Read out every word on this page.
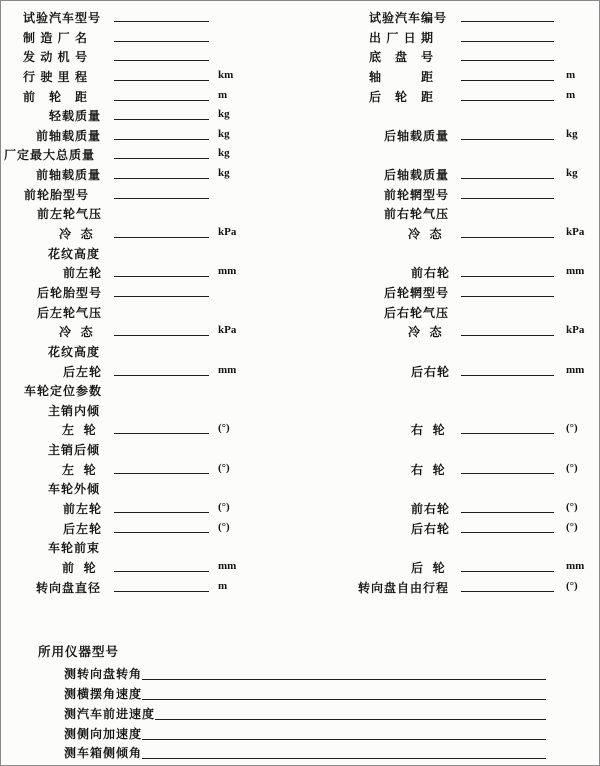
试验汽车型号	试验汽车编号
制 造 厂 名	出 厂 日 期
发 动 机 号	底　盘　号
行 驶 里 程	km	轴　　　距	m
前　轮　距	m	后　轮　距	m
轻载质量	kg
前轴载质量	kg	后轴载质量	kg
厂定最大总质量	kg
前轴载质量	kg	后轴载质量	kg
前轮胎型号	前轮辋型号
前左轮气压	前右轮气压
冷  态	kPa	冷  态	kPa
花纹高度
前左轮	mm	前右轮	mm
后轮胎型号	后轮辋型号
后左轮气压	后右轮气压
冷  态	kPa	冷  态	kPa
花纹高度
后左轮	mm	后右轮	mm
车轮定位参数
主销内倾
左  轮	(°)	右  轮	(°)
主销后倾
左  轮	(°)	右  轮	(°)
车轮外倾
前左轮	(°)	前右轮	(°)
后左轮	(°)	后右轮	(°)
车轮前束
前  轮	mm	后  轮	mm
转向盘直径	m	转向盘自由行程	(°)
所用仪器型号
测转向盘转角
测横摆角速度
测汽车前进速度
测侧向加速度
测车箱侧倾角
